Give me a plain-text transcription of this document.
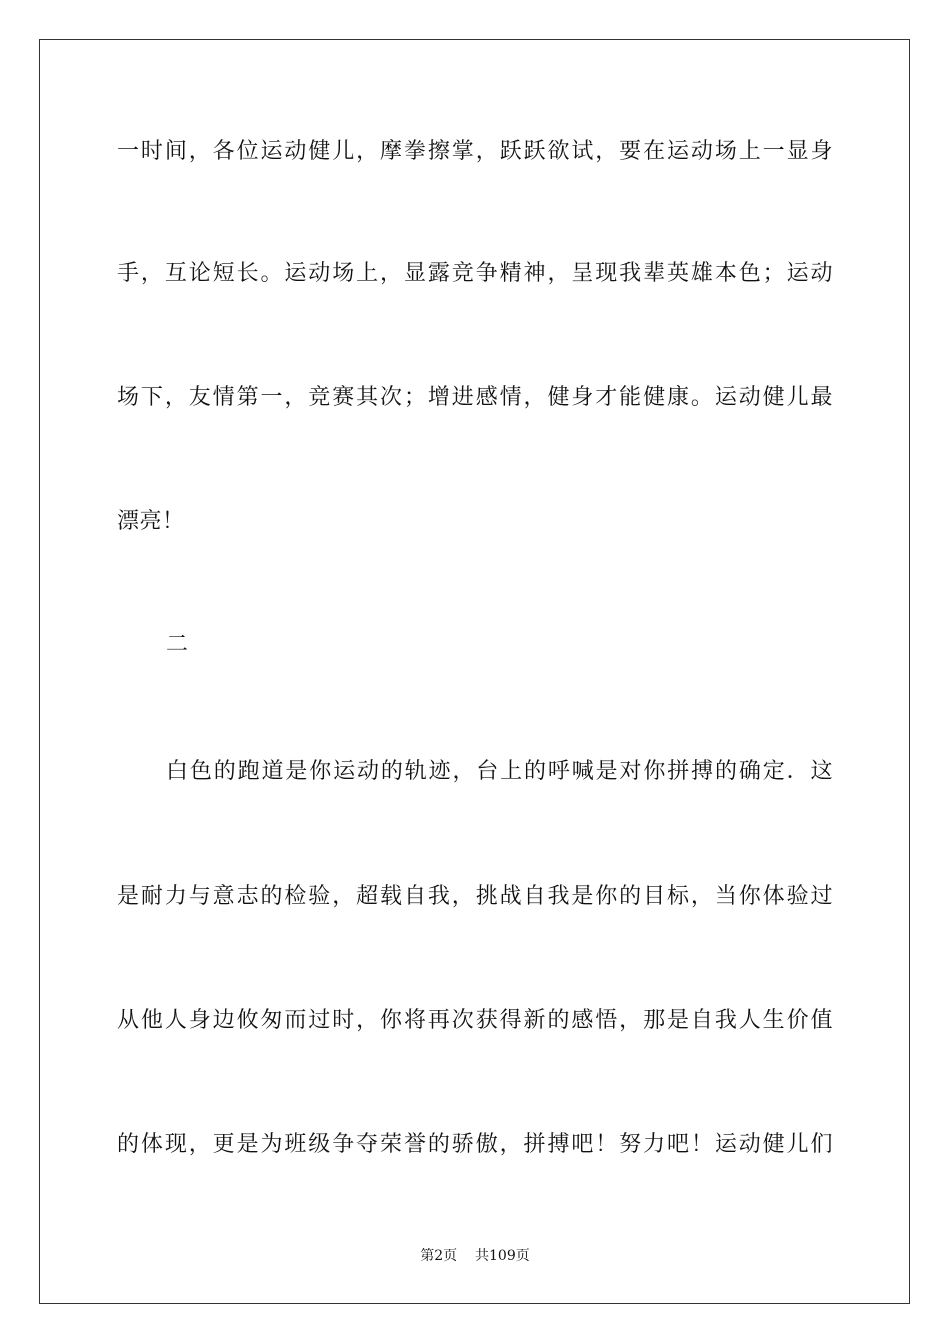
一时间，各位运动健儿，摩拳擦掌，跃跃欲试，要在运动场上一显身
手，互论短长。运动场上，显露竞争精神，呈现我辈英雄本色；运动
场下，友情第一，竞赛其次；增进感情，健身才能健康。运动健儿最
漂亮！
二
白色的跑道是你运动的轨迹，台上的呼喊是对你拼搏的确定．这
是耐力与意志的检验，超载自我，挑战自我是你的目标，当你体验过
从他人身边攸匆而过时，你将再次获得新的感悟，那是自我人生价值
的体现，更是为班级争夺荣誉的骄傲，拼搏吧！努力吧！运动健儿们
第2页 共109页
